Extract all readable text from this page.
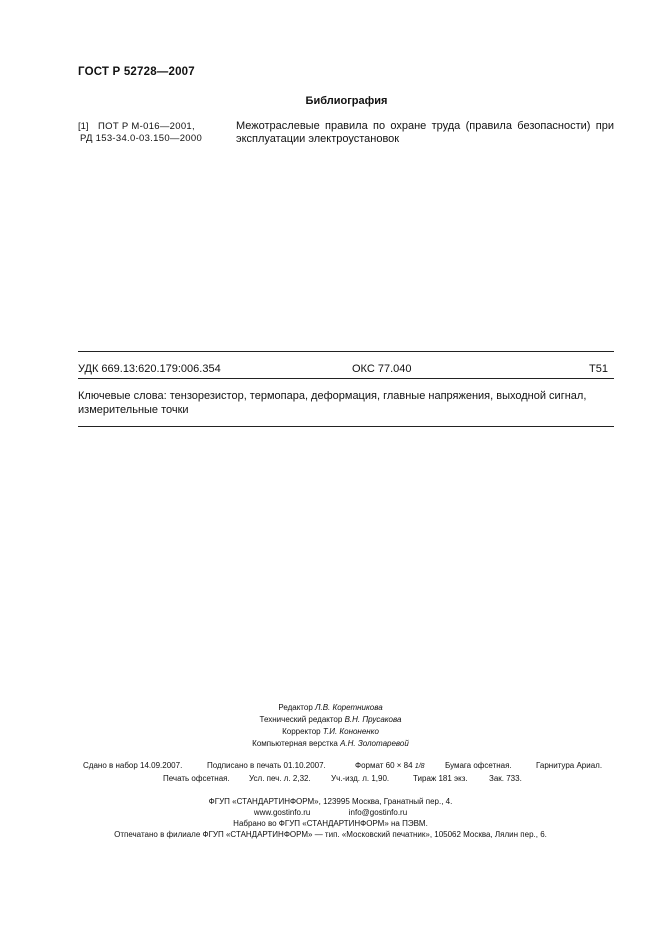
ГОСТ Р 52728—2007
Библиография
[1] ПОТ Р М-016—2001,
РД 153-34.0-03.150—2000
Межотраслевые правила по охране труда (правила безопасности) при эксплуатации электроустановок
УДК 669.13:620.179:006.354	ОКС 77.040	Т51
Ключевые слова: тензорезистор, термопара, деформация, главные напряжения, выходной сигнал, измерительные точки
Редактор Л.В. Коретникова
Технический редактор В.Н. Прусакова
Корректор Т.И. Кононенко
Компьютерная верстка А.Н. Золотаревой
Сдано в набор 14.09.2007.	Подписано в печать 01.10.2007.	Формат 60 × 84 1/8	Бумага офсетная.	Гарнитура Ариал.
Печать офсетная. Усл. печ. л. 2,32.	Уч.-изд. л. 1,90.	Тираж 181 экз.	Зак. 733.
ФГУП «СТАНДАРТИНФОРМ», 123995 Москва, Гранатный пер., 4.
www.gostinfo.ru	info@gostinfo.ru
Набрано во ФГУП «СТАНДАРТИНФОРМ» на ПЭВМ.
Отпечатано в филиале ФГУП «СТАНДАРТИНФОРМ» — тип. «Московский печатник», 105062 Москва, Лялин пер., 6.
